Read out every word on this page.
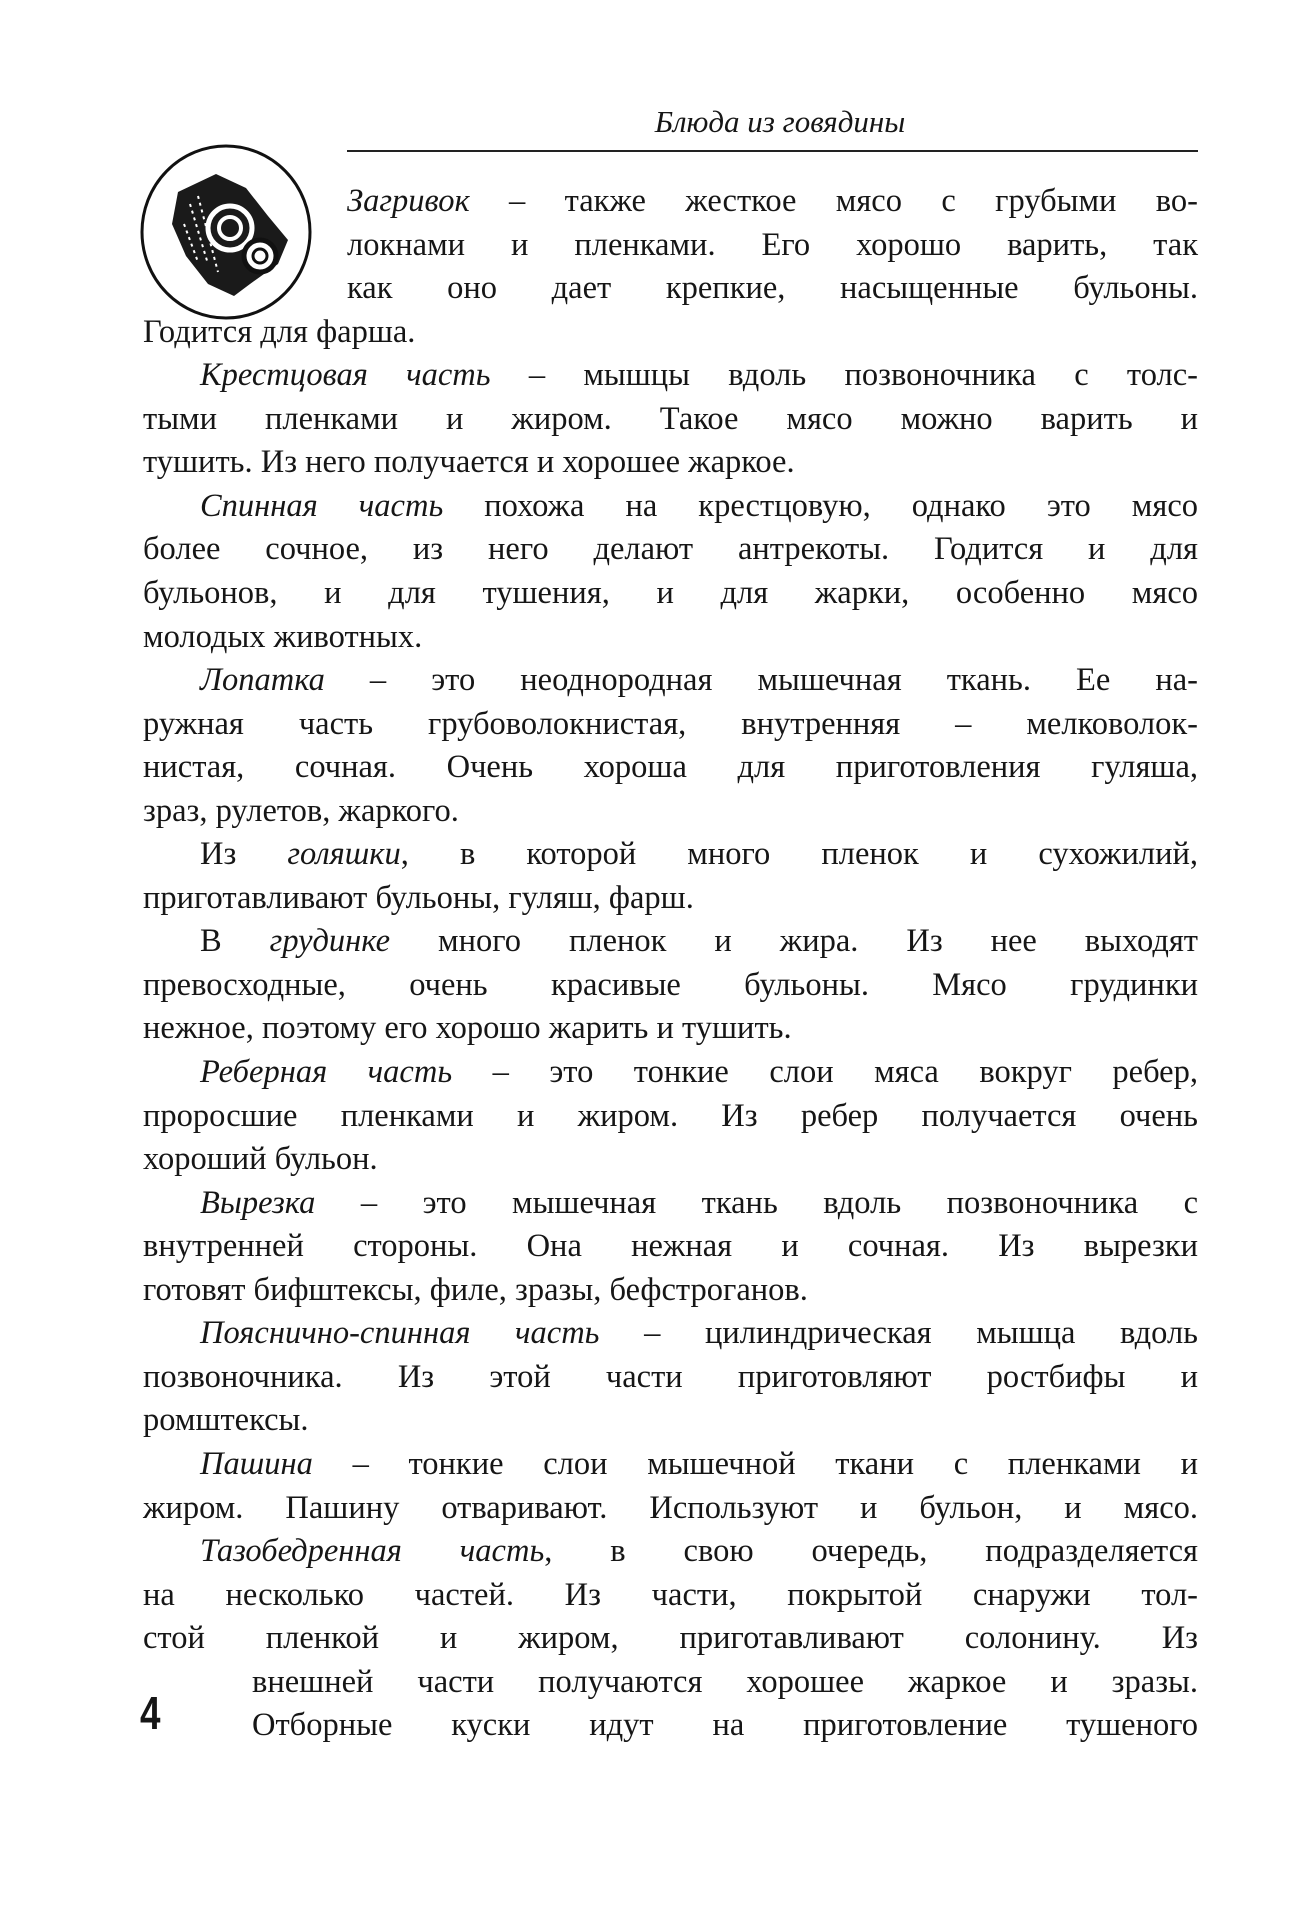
Блюда из говядины
Загривок – также жесткое мясо с грубыми во-
локнами и пленками. Его хорошо варить, так
как оно дает крепкие, насыщенные бульоны.
Годится для фарша.
Крестцовая часть – мышцы вдоль позвоночника с толс-
тыми пленками и жиром. Такое мясо можно варить и
тушить. Из него получается и хорошее жаркое.
Спинная часть похожа на крестцовую, однако это мясо
более сочное, из него делают антрекоты. Годится и для
бульонов, и для тушения, и для жарки, особенно мясо
молодых животных.
Лопатка – это неоднородная мышечная ткань. Ее на-
ружная часть грубоволокнистая, внутренняя – мелковолок-
нистая, сочная. Очень хороша для приготовления гуляша,
зраз, рулетов, жаркого.
Из голяшки, в которой много пленок и сухожилий,
приготавливают бульоны, гуляш, фарш.
В грудинке много пленок и жира. Из нее выходят
превосходные, очень красивые бульоны. Мясо грудинки
нежное, поэтому его хорошо жарить и тушить.
Реберная часть – это тонкие слои мяса вокруг ребер,
проросшие пленками и жиром. Из ребер получается очень
хороший бульон.
Вырезка – это мышечная ткань вдоль позвоночника с
внутренней стороны. Она нежная и сочная. Из вырезки
готовят бифштексы, филе, зразы, бефстроганов.
Пояснично-спинная часть – цилиндрическая мышца вдоль
позвоночника. Из этой части приготовляют ростбифы и
ромштексы.
Пашина – тонкие слои мышечной ткани с пленками и
жиром. Пашину отваривают. Используют и бульон, и мясо.
Тазобедренная часть, в свою очередь, подразделяется
на несколько частей. Из части, покрытой снаружи тол-
стой пленкой и жиром, приготавливают солонину. Из
внешней части получаются хорошее жаркое и зразы.
Отборные куски идут на приготовление тушеного
4
